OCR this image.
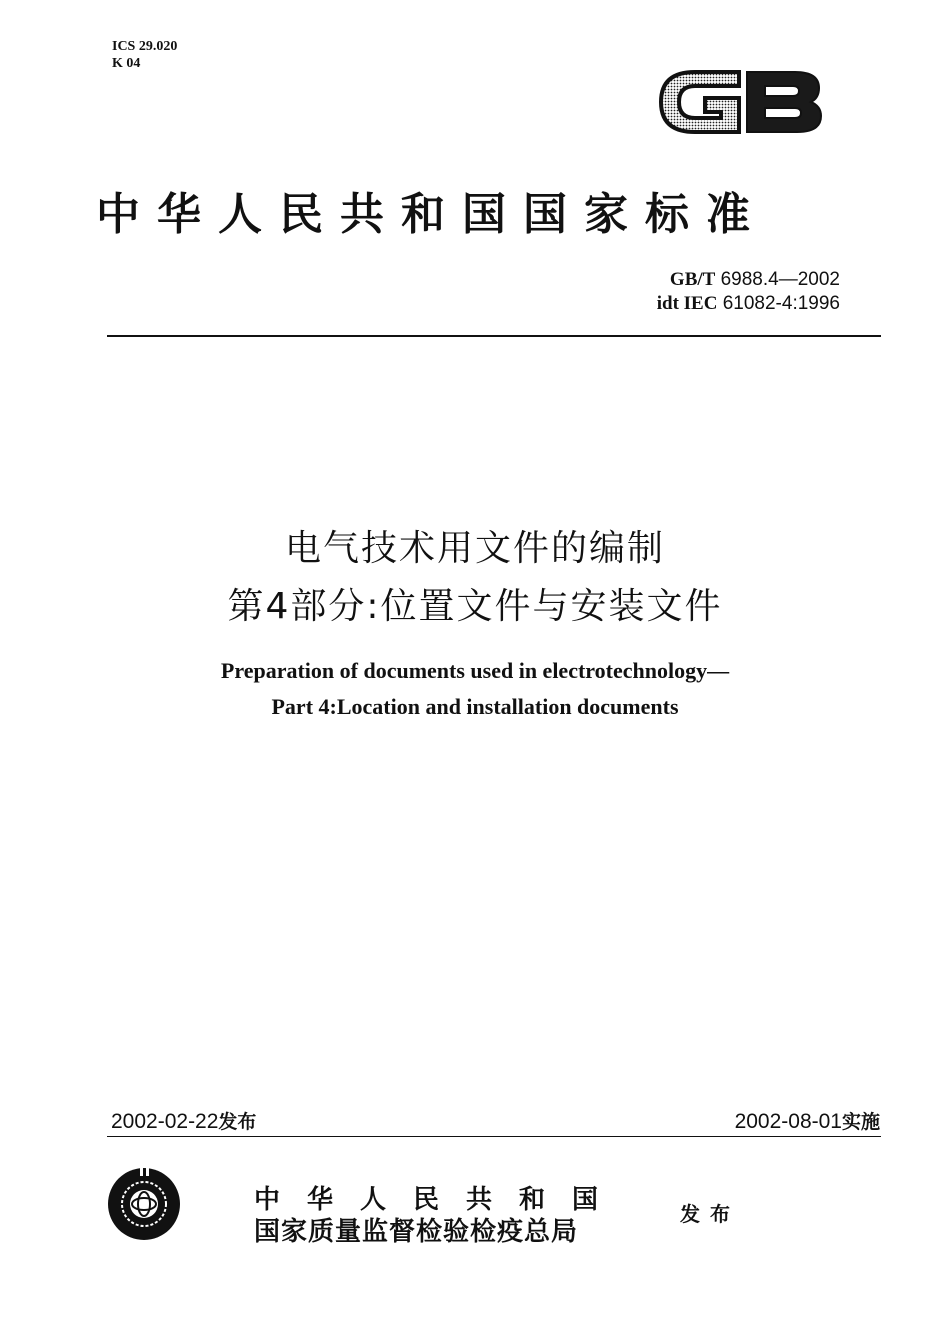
ICS 29.020
K 04
中华人民共和国国家标准
GB/T 6988.4—2002
idt IEC 61082-4:1996
电气技术用文件的编制
第4部分:位置文件与安装文件
Preparation of documents used in electrotechnology—
Part 4:Location and installation documents
2002-02-22发布	2002-08-01实施
中华人民共和国
国家质量监督检验检疫总局
发布
